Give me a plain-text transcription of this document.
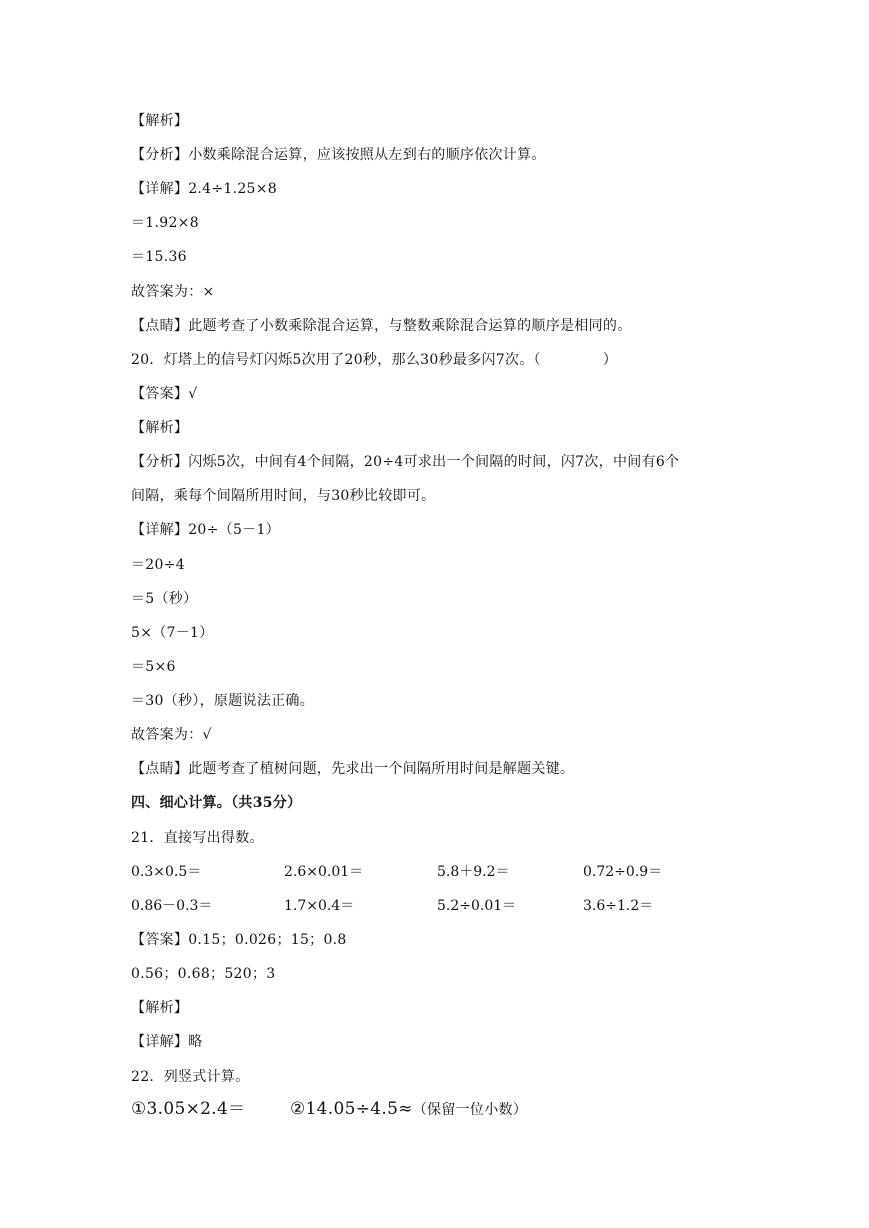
【解析】
【分析】小数乘除混合运算，应该按照从左到右的顺序依次计算。
【详解】2.4÷1.25×8
＝1.92×8
＝15.36
故答案为：×
【点睛】此题考查了小数乘除混合运算，与整数乘除混合运算的顺序是相同的。
20．灯塔上的信号灯闪烁5次用了20秒，那么30秒最多闪7次。（	）
【答案】√
【解析】
【分析】闪烁5次，中间有4个间隔，20÷4可求出一个间隔的时间，闪7次，中间有6个
间隔，乘每个间隔所用时间，与30秒比较即可。
【详解】20÷（5－1）
＝20÷4
＝5（秒）
5×（7－1）
＝5×6
＝30（秒），原题说法正确。
故答案为：√
【点睛】此题考查了植树问题，先求出一个间隔所用时间是解题关键。
四、细心计算。（共35分）
21．直接写出得数。
0.3×0.5＝	2.6×0.01＝	5.8＋9.2＝	0.72÷0.9＝
0.86－0.3＝	1.7×0.4＝	5.2÷0.01＝	3.6÷1.2＝
【答案】0.15；0.026；15；0.8
0.56；0.68；520；3
【解析】
【详解】略
22．列竖式计算。
①3.05×2.4＝	②14.05÷4.5≈（保留一位小数）
